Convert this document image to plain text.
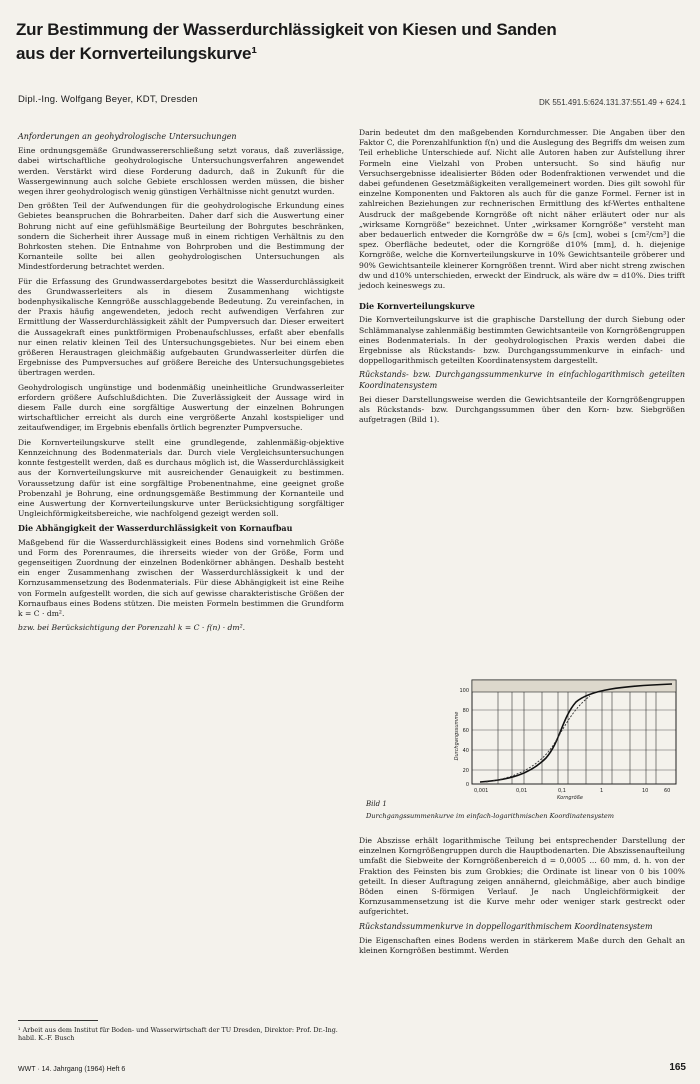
Zur Bestimmung der Wasserdurchlässigkeit von Kiesen und Sanden aus der Kornverteilungskurve¹
Dipl.-Ing. Wolfgang Beyer, KDT, Dresden	DK 551.491.5:624.131.37:551.49 + 624.1
Anforderungen an geohydrologische Untersuchungen

Eine ordnungsgemäße Grundwassererschließung setzt voraus, daß zuverlässige, dabei wirtschaftliche geohydrologische Untersuchungsverfahren angewendet werden. Verstärkt wird diese Forderung dadurch, daß in Zukunft für die Wassergewinnung auch solche Gebiete erschlossen werden müssen, die bisher wegen ihrer geohydrologisch wenig günstigen Verhältnisse nicht genutzt wurden.

Den größten Teil der Aufwendungen für die geohydrologische Erkundung eines Gebietes beanspruchen die Bohrarbeiten. Daher darf sich die Auswertung einer Bohrung nicht auf eine gefühlsmäßige Beurteilung der Bohrgutes beschränken, sondern die Sicherheit ihrer Aussage muß in einem richtigen Verhältnis zu den Bohrkosten stehen. Die Entnahme von Bohrproben und die Bestimmung der Kornanteile sollte bei allen geohydrologischen Untersuchungen als Mindestforderung betrachtet werden.

Für die Erfassung des Grundwasserdargebotes besitzt die Wasserdurchlässigkeit des Grundwasserleiters als in diesem Zusammenhang wichtigste bodenphysikalische Kenngröße ausschlaggebende Bedeutung. Zu vereinfachen, in der Praxis häufig angewendeten, jedoch recht aufwendigen Verfahren zur Ermittlung der Wasserdurchlässigkeit zählt der Pumpversuch dar. Dieser erweitert die Aussagekraft eines punktförmigen Probenaufschlusses, erfaßt aber ebenfalls nur einen relativ kleinen Teil des Untersuchungsgebietes. Nur bei einem eben größeren Heraustragen gleichmäßig aufgebauten Grundwasserleiter dürfen die Ergebnisse des Pumpversuches auf größere Bereiche des Untersuchungsgebietes übertragen werden.

Geohydrologisch ungünstige und bodenmäßig uneinheitliche Grundwasserleiter erfordern größere Aufschlußdichten. Die Zuverlässigkeit der Aussage wird in diesem Falle durch eine sorgfältige Auswertung der einzelnen Bohrungen wirtschaftlicher erreicht als durch eine vergrößerte Anzahl kostspieliger und zeitaufwendiger, im Ergebnis ebenfalls örtlich begrenzter Pumpversuche.

Die Kornverteilungskurve stellt eine grundlegende, zahlenmäßig-objektive Kennzeichnung des Bodenmaterials dar. Durch viele Vergleichsuntersuchungen konnte festgestellt werden, daß es durchaus möglich ist, die Wasserdurchlässigkeit aus der Kornverteilungskurve mit ausreichender Genauigkeit zu bestimmen. Voraussetzung dafür ist eine sorgfältige Probenentnahme, eine geeignet große Probenzahl je Bohrung, eine ordnungsgemäße Bestimmung der Kornanteile und eine Auswertung der Kornverteilungskurve unter Berücksichtigung sorgfältiger Ungleichförmigkeitsbereiche, wie nachfolgend gezeigt werden soll.

Die Abhängigkeit der Wasserdurchlässigkeit von Kornaufbau

Maßgebend für die Wasserdurchlässigkeit eines Bodens sind vornehmlich Größe und Form des Porenraumes, die ihrerseits wieder von der Größe, Form und gegenseitigen Zuordnung der einzelnen Bodenkörner abhängen. Deshalb besteht ein enger Zusammenhang zwischen der Wasserdurchlässigkeit k und der Kornzusammensetzung des Bodenmaterials. Für diese Abhängigkeit ist eine Reihe von Formeln aufgestellt worden, die sich auf gewisse charakteristische Größen der Kornaufbaus eines Bodens stützen. Die meisten Formeln bestimmen die Grundform k = C · dm².

bzw. bei Berücksichtigung der Porenzahl k = C · f(n) · dm².

Darin bedeutet dm den maßgebenden Korndurchmesser. Die Angaben über den Faktor C, die Porenzahlfunktion f(n) und die Auslegung des Begriffs dm weisen zum Teil erhebliche Unterschiede auf. Nicht alle Autoren haben zur Aufstellung ihrer Formeln eine Vielzahl von Proben untersucht. So sind häufig nur Versuchsergebnisse idealisierter Böden oder Bodenfraktionen verwendet und die dabei gefundenen Gesetzmäßigkeiten verallgemeinert worden. Dies gilt sowohl für einzelne Komponenten und Faktoren als auch für die ganze Formel. Ferner ist in zahlreichen Beziehungen zur rechnerischen Ermittlung des kf-Wertes enthaltene Ausdruck der maßgebende Korngröße oft nicht näher erläutert oder nur als „wirksame Korngröße“ bezeichnet. Unter „wirksamer Korngröße“ versteht man aber bedauerlich entweder die Korngröße dw = 6/s [cm], wobei s [cm²/cm³] die spez. Oberfläche bedeutet, oder die Korngröße d10% [mm], d. h. diejenige Korngröße, welche die Kornverteilungskurve in 10% Gewichtsanteile gröberer und 90% Gewichtsanteile kleinerer Korngrößen trennt. Wird aber nicht streng zwischen dw und d10% unterschieden, erweckt der Eindruck, als wäre dw = d10%. Dies trifft jedoch keineswegs zu.

Die Kornverteilungskurve

Die Kornverteilungskurve ist die graphische Darstellung der durch Siebung oder Schlämmanalyse zahlenmäßig bestimmten Gewichtsanteile von Korngrößengruppen eines Bodenmaterials. In der geohydrologischen Praxis werden dabei die Ergebnisse als Rückstands- bzw. Durchgangssummenkurve in einfach- und doppellogarithmisch geteilten Koordinatensystem dargestellt.

Rückstands- bzw. Durchgangssummenkurve in einfachlogarithmisch geteilten Koordinatensystem

Bei dieser Darstellungsweise werden die Gewichtsanteile der Korngrößengruppen als Rückstands- bzw. Durchgangssummen über den Korn- bzw. Siebgrößen aufgetragen (Bild 1).

Die Abszisse erhält logarithmische Teilung bei entsprechender Darstellung der einzelnen Korngrößengruppen durch die Hauptbodenarten. Die Abszissenaufteilung umfaßt die Siebweite der Korngrößenbereich d = 0,0005 ... 60 mm, d. h. von der Fraktion des Feinsten bis zum Grobkies; die Ordinate ist linear von 0 bis 100% geteilt. In dieser Auftragung zeigen annähernd, gleichmäßige, aber auch bindige Böden einen S-förmigen Verlauf. Je nach Ungleichförmigkeit der Kornzusammensetzung ist die Kurve mehr oder weniger stark gestreckt oder aufgerichtet.

Rückstandssummenkurve in doppellogarithmischem Koordinatensystem

Die Eigenschaften eines Bodens werden in stärkerem Maße durch den Gehalt an kleinen Korngrößen bestimmt. Werden

100
80
60
40
20
0
0,001	0,01	0,1	1	10	60
Korngröße
Durchgangssumme
Bild 1
Durchgangssummenkurve im einfach-logarithmischen Koordinatensystem
¹ Arbeit aus dem Institut für Boden- und Wasserwirtschaft der TU Dresden, Direktor: Prof. Dr.-Ing. habil. K.-F. Busch
WWT · 14. Jahrgang (1964) Heft 6	165
